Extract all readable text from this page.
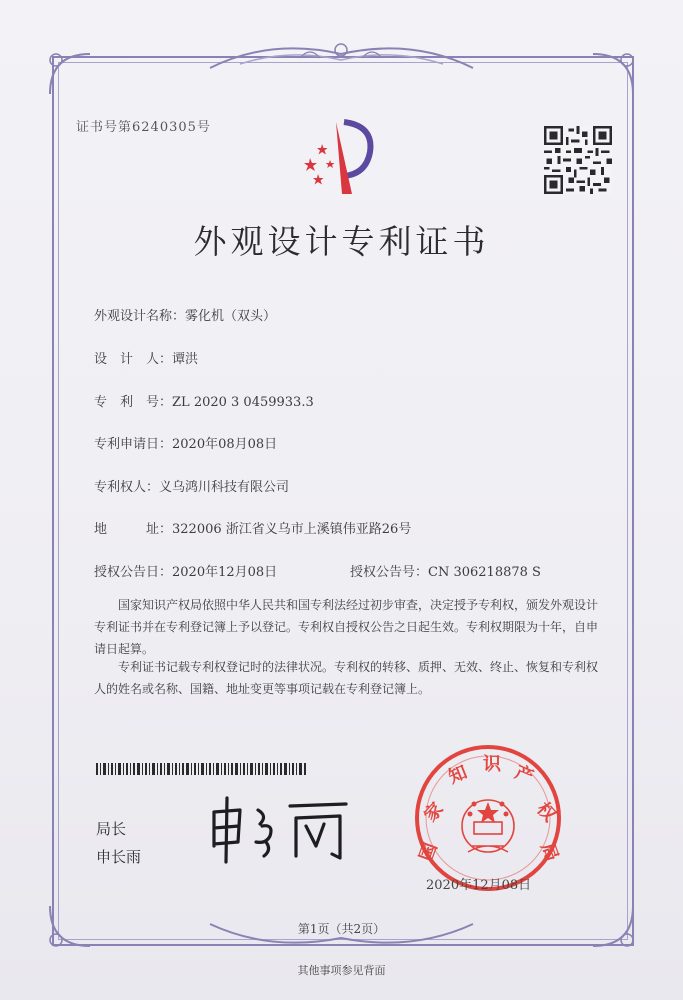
证书号第6240305号
外观设计专利证书
外观设计名称：雾化机（双头）
设　计　人：谭洪
专　利　号：ZL 2020 3 0459933.3
专利申请日：2020年08月08日
专利权人：义乌鸿川科技有限公司
地　　　址：322006 浙江省义乌市上溪镇伟亚路26号
授权公告日：2020年12月08日	授权公告号：CN 306218878 S
国家知识产权局依照中华人民共和国专利法经过初步审查，决定授予专利权，颁发外观设计专利证书并在专利登记簿上予以登记。专利权自授权公告之日起生效。专利权期限为十年，自申请日起算。
专利证书记载专利权登记时的法律状况。专利权的转移、质押、无效、终止、恢复和专利权人的姓名或名称、国籍、地址变更等事项记载在专利登记簿上。
局长
申长雨	国
家
知 识 产
权
局
2020年12月08日
第1页（共2页）
其他事项参见背面
